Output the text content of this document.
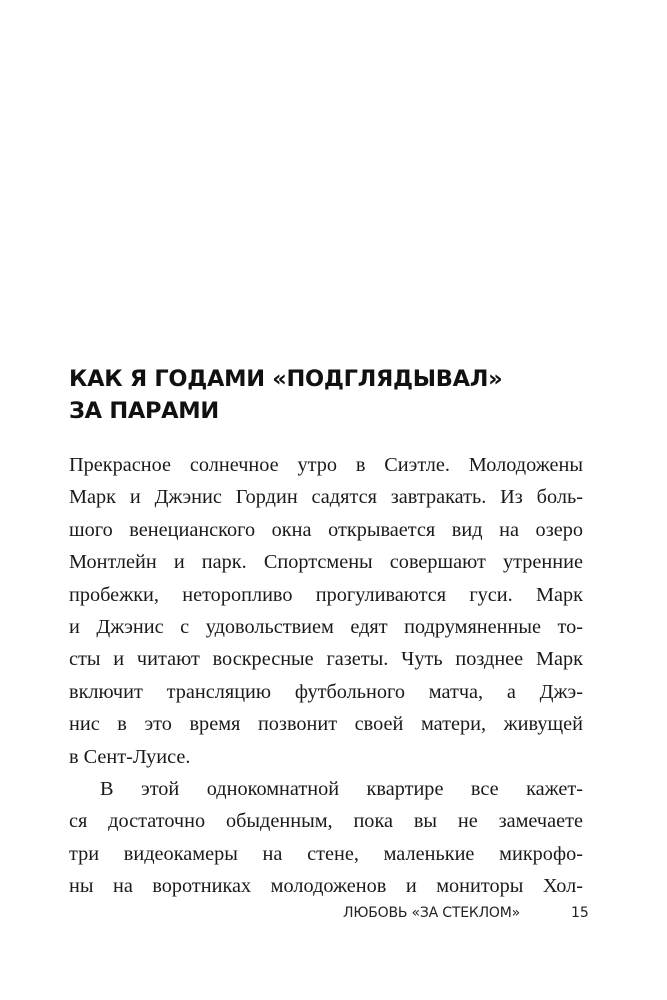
КАК Я ГОДАМИ «ПОДГЛЯДЫВАЛ»
ЗА ПАРАМИ
Прекрасное солнечное утро в Сиэтле. Молодожены
Марк и Джэнис Гордин садятся завтракать. Из боль-
шого венецианского окна открывается вид на озеро
Монтлейн и парк. Спортсмены совершают утренние
пробежки, неторопливо прогуливаются гуси. Марк
и Джэнис с удовольствием едят подрумяненные то-
сты и читают воскресные газеты. Чуть позднее Марк
включит трансляцию футбольного матча, а Джэ-
нис в это время позвонит своей матери, живущей
в Сент-Луисе.
В этой однокомнатной квартире все кажет-
ся достаточно обыденным, пока вы не замечаете
три видеокамеры на стене, маленькие микрофо-
ны на воротниках молодоженов и мониторы Хол-
ЛЮБОВЬ «ЗА СТЕКЛОМ»	15
